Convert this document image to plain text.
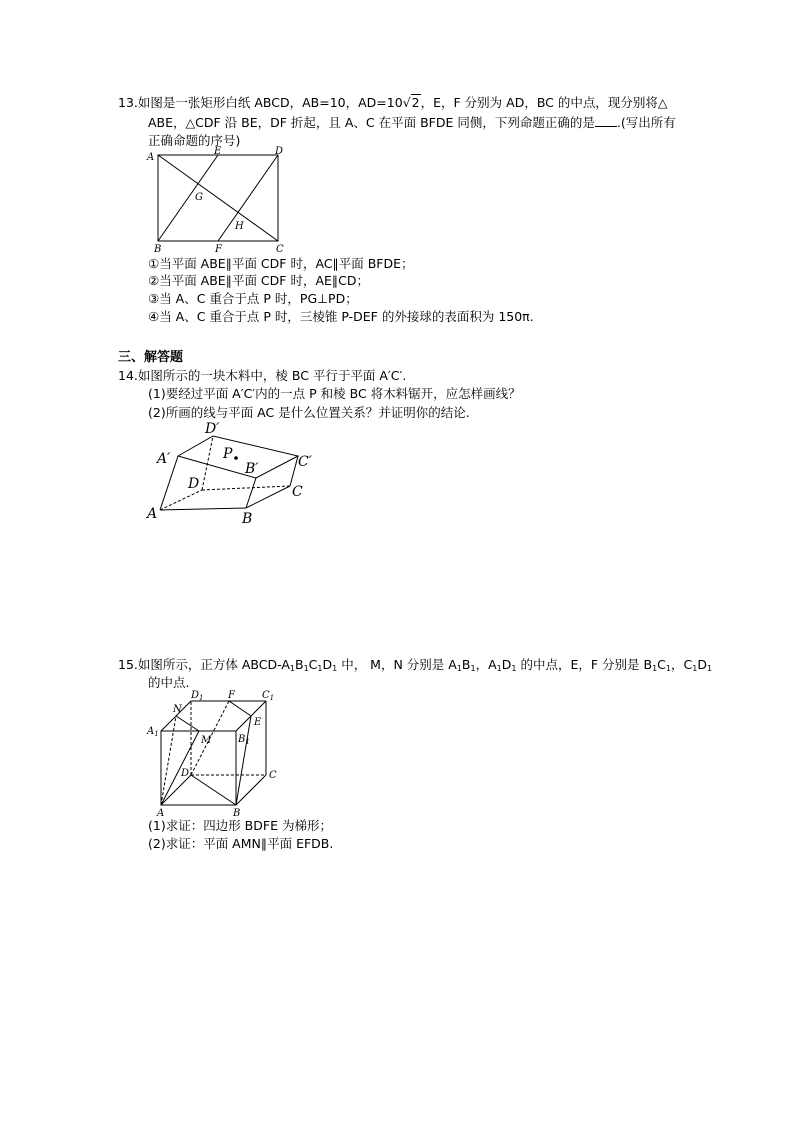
13.如图是一张矩形白纸 ABCD，AB=10，AD=10√2，E，F 分别为 AD，BC 的中点，现分别将△
ABE，△CDF 沿 BE，DF 折起，且 A、C 在平面 BFDE 同侧，下列命题正确的是 .(写出所有
正确命题的序号)
A
E	D
G
H
B	F	C
①当平面 ABE∥平面 CDF 时，AC∥平面 BFDE；
②当平面 ABE∥平面 CDF 时，AE∥CD；
③当 A、C 重合于点 P 时，PG⊥PD；
④当 A、C 重合于点 P 时，三棱锥 P-DEF 的外接球的表面积为 150π.
三、解答题
14.如图所示的一块木料中，棱 BC 平行于平面 A′C′.
(1)要经过平面 A′C′内的一点 P 和棱 BC 将木料锯开，应怎样画线？
(2)所画的线与平面 AC 是什么位置关系？并证明你的结论.
D′
A′	P
B′	C′
D	C
A	B
15.如图所示，正方体 ABCD-$A_1B_1C_1D_1$ 中， M，N 分别是 $A_1B_1$，$A_1D_1$ 的中点，E，F 分别是 $B_1C_1$，$C_1D_1$
的中点.
N
$D_1$ F	$C_1$
$A_1$
M
E
$B_1$
D	C
A	B
(1)求证：四边形 BDFE 为梯形；
(2)求证：平面 AMN∥平面 EFDB.
